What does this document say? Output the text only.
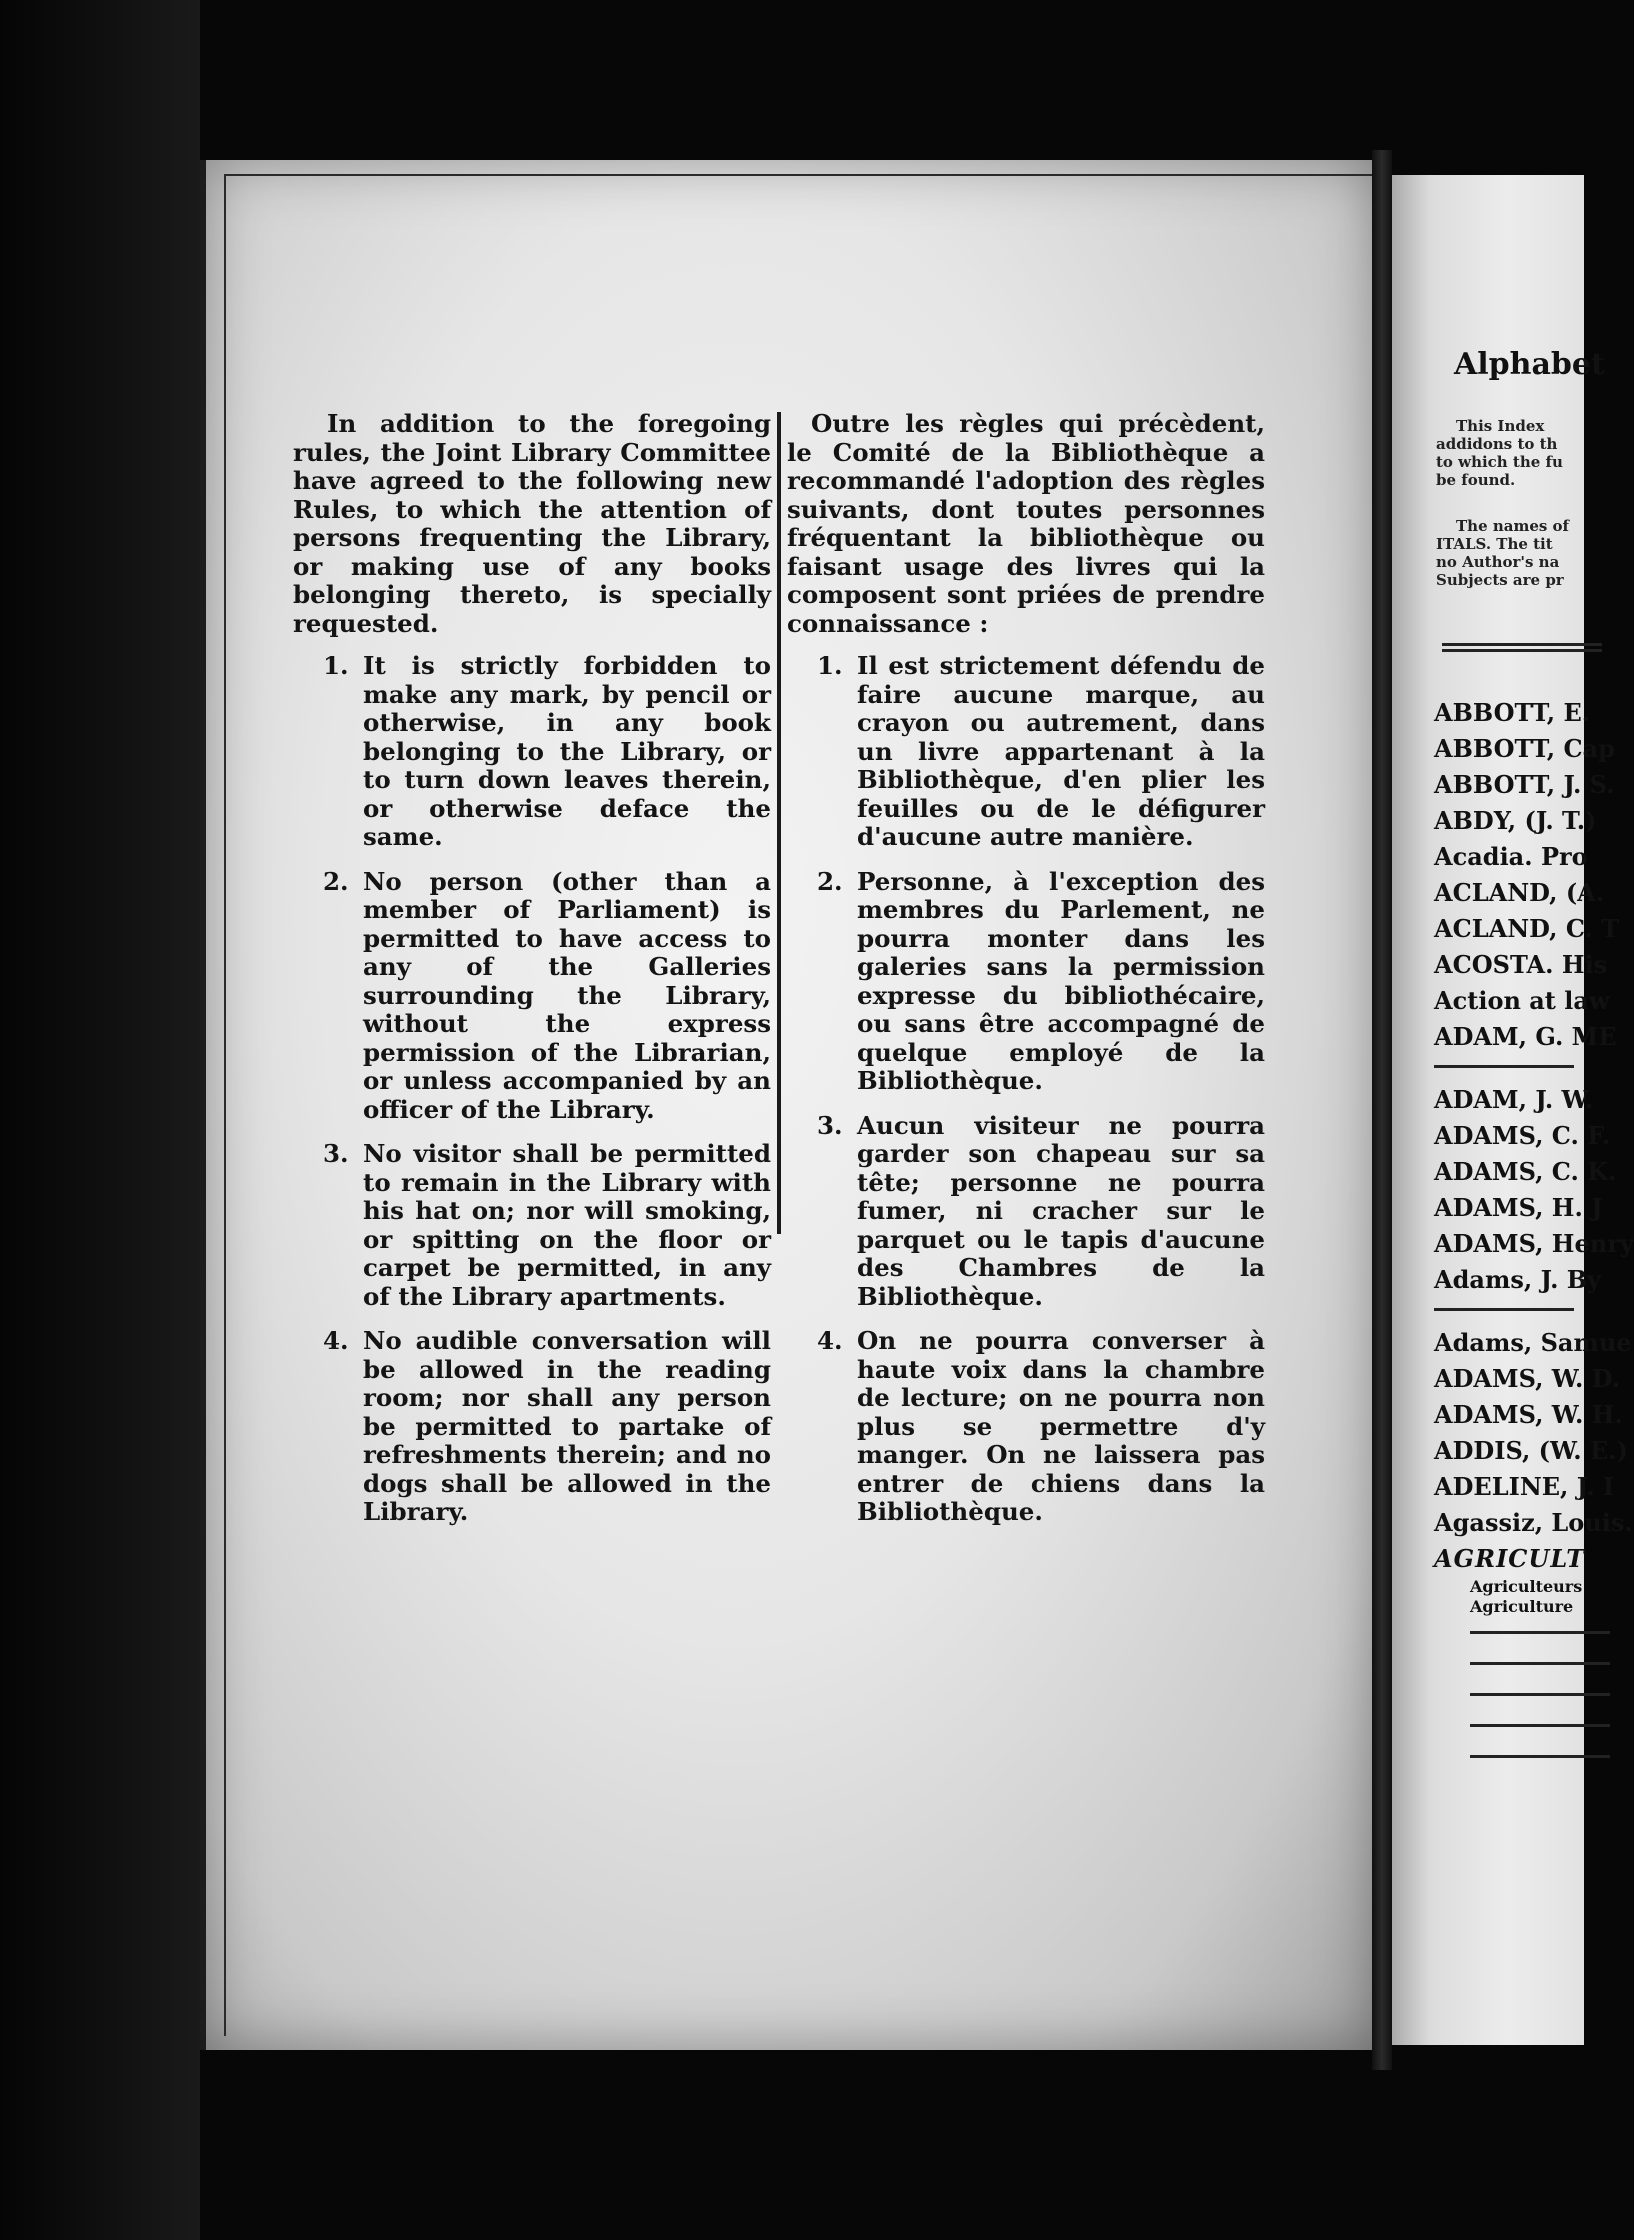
In addition to the foregoing rules, the Joint Library Committee have agreed to the following new Rules, to which the attention of persons frequenting the Library, or making use of any books belonging thereto, is specially requested.

1. It is strictly forbidden to make any mark, by pencil or otherwise, in any book belonging to the Library, or to turn down leaves therein, or otherwise deface the same.
2. No person (other than a member of Parliament) is permitted to have access to any of the Galleries surrounding the Library, without the express permission of the Librarian, or unless accompanied by an officer of the Library.
3. No visitor shall be permitted to remain in the Library with his hat on; nor will smoking, or spitting on the floor or carpet be permitted, in any of the Library apartments.
4. No audible conversation will be allowed in the reading room; nor shall any person be permitted to partake of refreshments therein; and no dogs shall be allowed in the Library.

Outre les règles qui précèdent, le Comité de la Bibliothèque a recommandé l'adoption des règles suivants, dont toutes personnes fréquentant la bibliothèque ou faisant usage des livres qui la composent sont priées de prendre connaissance :

1. Il est strictement défendu de faire aucune marque, au crayon ou autrement, dans un livre appartenant à la Bibliothèque, d'en plier les feuilles ou de le défigurer d'aucune autre manière.
2. Personne, à l'exception des membres du Parlement, ne pourra monter dans les galeries sans la permission expresse du bibliothécaire, ou sans être accompagné de quelque employé de la Bibliothèque.
3. Aucun visiteur ne pourra garder son chapeau sur sa tête; personne ne pourra fumer, ni cracher sur le parquet ou le tapis d'aucune des Chambres de la Bibliothèque.
4. On ne pourra converser à haute voix dans la chambre de lecture; on ne pourra non plus se permettre d'y manger. On ne laissera pas entrer de chiens dans la Bibliothèque.
Alphabet
This Index
addidons to th
to which the fu
be found.
The names of
ITALS. The tit
no Author's na
Subjects are pr
ABBOTT, E.
ABBOTT, Cap
ABBOTT, J. S.
ABDY, (J. T.)
Acadia. Pro
ACLAND, (A.
ACLAND, C. T
ACOSTA. His
Action at law
ADAM, G. ME
ADAM, J. W.
ADAMS, C. F.
ADAMS, C. K.
ADAMS, H. J
ADAMS, Henry
Adams, J. By
Adams, Samue
ADAMS, W. D.
ADAMS, W. H.
ADDIS, (W. E.)
ADELINE, J. I
Agassiz, Louis.
AGRICULT
Agriculteurs
Agriculture
